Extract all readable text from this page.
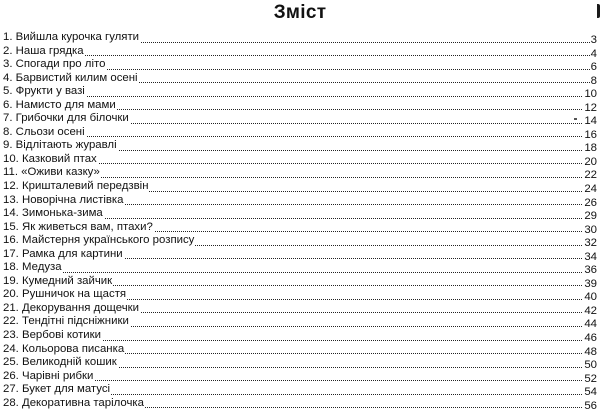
Зміст
1. Вийшла курочка гуляти	3
2. Наша грядка	4
3. Спогади про літо	6
4. Барвистий килим осені	8
5. Фрукти у вазі	10
6. Намисто для мами	12
7. Грибочки для білочки	14
8. Сльози осені	16
9. Відлітають журавлі	18
10. Казковий птах	20
11. «Оживи казку»	22
12. Кришталевий передзвін	24
13. Новорічна листівка	26
14. Зимонька-зима	29
15. Як живеться вам, птахи?	30
16. Майстерня українського розпису	32
17. Рамка для картини	34
18. Медуза	36
19. Кумедний зайчик	39
20. Рушничок на щастя	40
21. Декорування дощечки	42
22. Тендітні підсніжники	44
23. Вербові котики	46
24. Кольорова писанка	48
25. Великодній кошик	50
26. Чарівні рибки	52
27. Букет для матусі	54
28. Декоративна тарілочка	56
